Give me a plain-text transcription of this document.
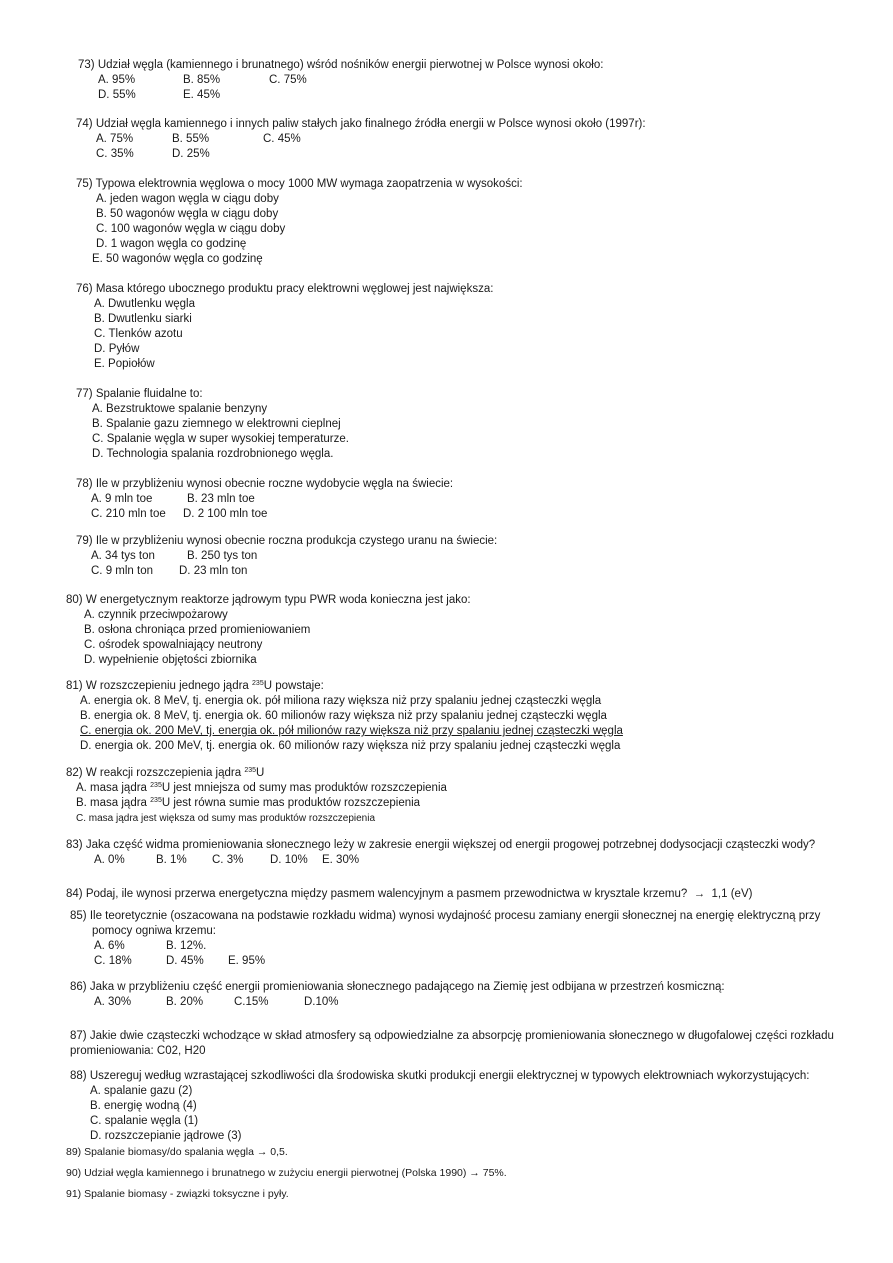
73) Udział węgla (kamiennego i brunatnego) wśród nośników energii pierwotnej w Polsce wynosi około:
A. 95%	B. 85%	C. 75%
D. 55%	E. 45%
74) Udział węgla kamiennego i innych paliw stałych jako finalnego źródła energii w Polsce wynosi około (1997r):
A. 75%	B. 55%	C. 45%
C. 35%	D. 25%
75) Typowa elektrownia węglowa o mocy 1000 MW wymaga zaopatrzenia w wysokości:
A. jeden wagon węgla w ciągu doby
B. 50 wagonów węgla w ciągu doby
C. 100 wagonów węgla w ciągu doby
D. 1 wagon węgla co godzinę
E. 50 wagonów węgla co godzinę
76) Masa którego ubocznego produktu pracy elektrowni węglowej jest największa:
A. Dwutlenku węgla
B. Dwutlenku siarki
C. Tlenków azotu
D. Pyłów
E. Popiołów
77) Spalanie fluidalne to:
A. Bezstruktowe spalanie benzyny
B. Spalanie gazu ziemnego w elektrowni cieplnej
C. Spalanie węgla w super wysokiej temperaturze.
D. Technologia spalania rozdrobnionego węgla.
78) Ile w przybliżeniu wynosi obecnie roczne wydobycie węgla na świecie:
A. 9 mln toe	B. 23 mln toe
C. 210 mln toe D. 2 100 mln toe
79) Ile w przybliżeniu wynosi obecnie roczna produkcja czystego uranu na świecie:
A. 34 tys ton	B. 250 tys ton
C. 9 mln ton D. 23 mln ton
80) W energetycznym reaktorze jądrowym typu PWR woda konieczna jest jako:
A. czynnik przeciwpożarowy
B. osłona chroniąca przed promieniowaniem
C. ośrodek spowalniający neutrony
D. wypełnienie objętości zbiornika
81) W rozszczepieniu jednego jądra $^{235}$U powstaje:
A. energia ok. 8 MeV, tj. energia ok. pół miliona razy większa niż przy spalaniu jednej cząsteczki węgla
B. energia ok. 8 MeV, tj. energia ok. 60 milionów razy większa niż przy spalaniu jednej cząsteczki węgla
C. energia ok. 200 MeV, tj. energia ok. pół milionów razy większa niż przy spalaniu jednej cząsteczki węgla
D. energia ok. 200 MeV, tj. energia ok. 60 milionów razy większa niż przy spalaniu jednej cząsteczki węgla
82) W reakcji rozszczepienia jądra $^{235}$U
A. masa jądra $^{235}$U jest mniejsza od sumy mas produktów rozszczepienia
B. masa jądra $^{235}$U jest równa sumie mas produktów rozszczepienia
C. masa jądra jest większa od sumy mas produktów rozszczepienia
83) Jaka część widma promieniowania słonecznego leży w zakresie energii większej od energii progowej potrzebnej dodysocjacji cząsteczki wody?
A. 0%	B. 1% C. 3% D. 10% E. 30%
84) Podaj, ile wynosi przerwa energetyczna między pasmem walencyjnym a pasmem przewodnictwa w krysztale krzemu? → 1,1 (eV)
85) Ile teoretycznie (oszacowana na podstawie rozkładu widma) wynosi wydajność procesu zamiany energii słonecznej na energię elektryczną przy
pomocy ogniwa krzemu:
A. 6%	B. 12%.
C. 18%	D. 45% E. 95%
86) Jaka w przybliżeniu część energii promieniowania słonecznego padającego na Ziemię jest odbijana w przestrzeń kosmiczną:
A. 30%	B. 20%	C.15%	D.10%
87) Jakie dwie cząsteczki wchodzące w skład atmosfery są odpowiedzialne za absorpcję promieniowania słonecznego w długofalowej części rozkładu
promieniowania: C02, H20
88) Uszereguj według wzrastającej szkodliwości dla środowiska skutki produkcji energii elektrycznej w typowych elektrowniach wykorzystujących:
A. spalanie gazu (2)
B. energię wodną (4)
C. spalanie węgla (1)
D. rozszczepianie jądrowe (3)
89) Spalanie biomasy/do spalania węgla → 0,5.
90) Udział węgla kamiennego i brunatnego w zużyciu energii pierwotnej (Polska 1990) → 75%.
91) Spalanie biomasy - związki toksyczne i pyły.
